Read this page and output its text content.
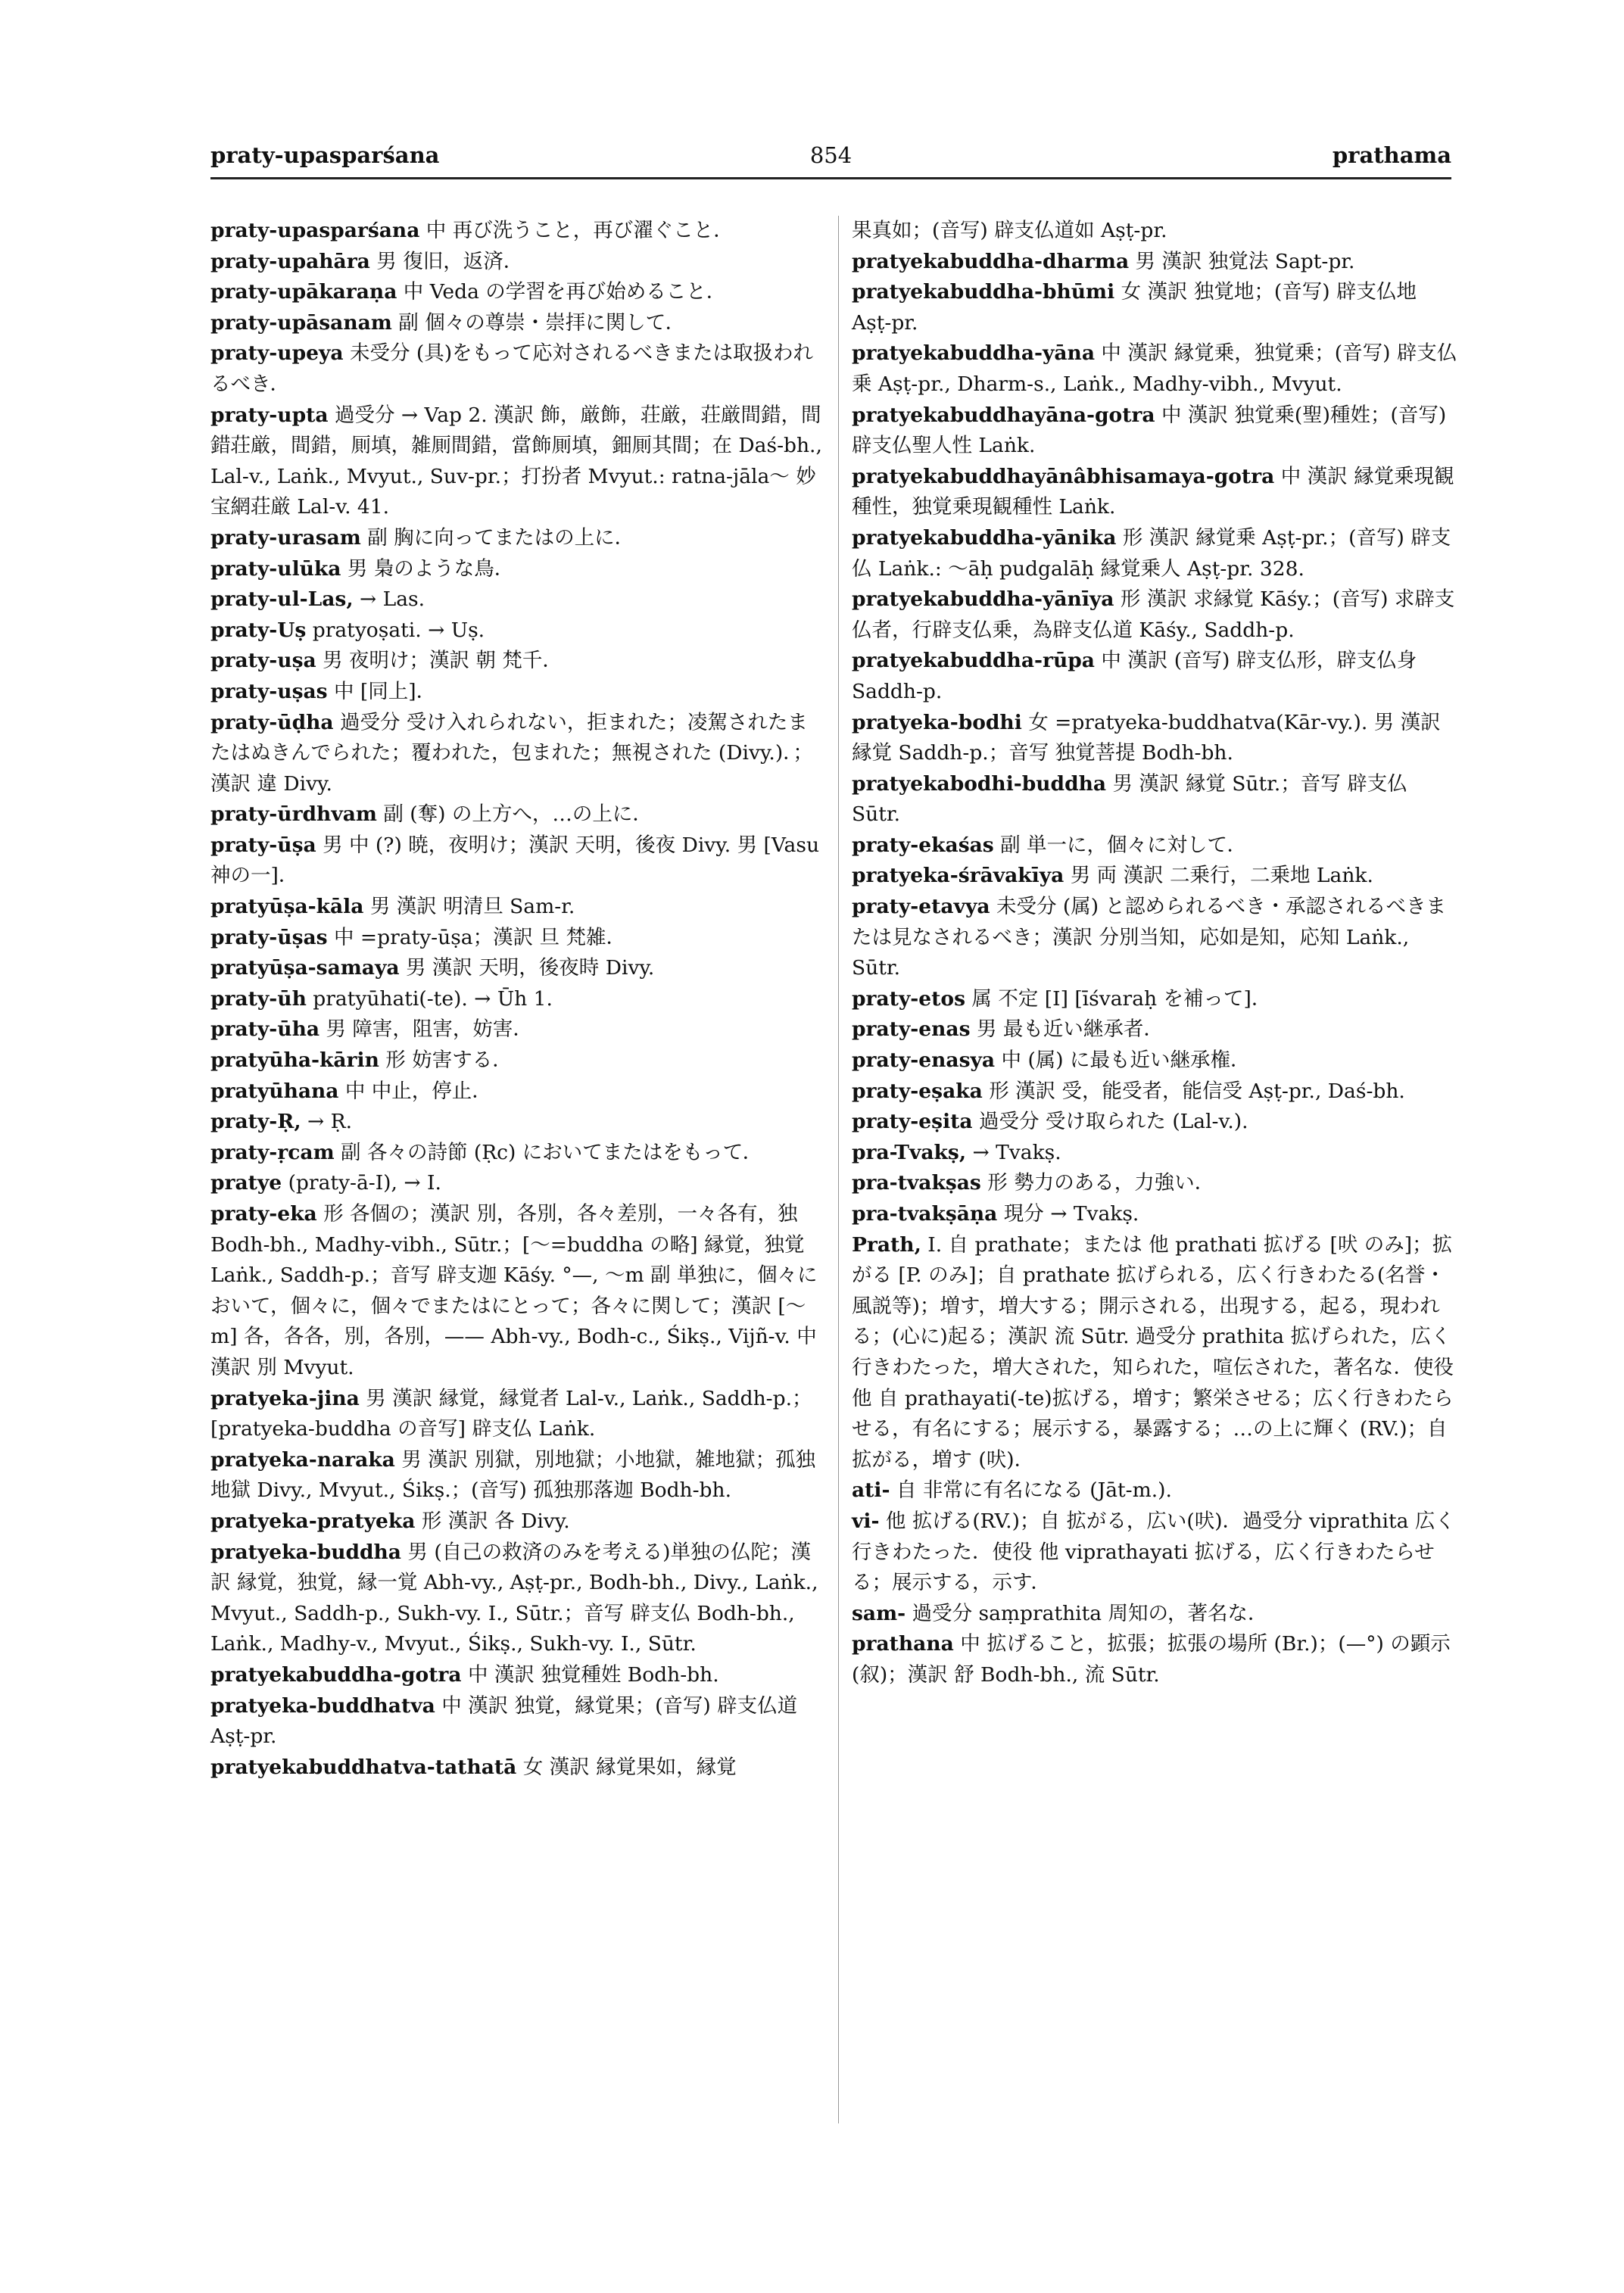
praty-upasparśana	854	prathama
praty-upasparśana 中 再び洗うこと，再び濯ぐこと．
praty-upahāra 男 復旧，返済．
praty-upākaraṇa 中 Veda の学習を再び始めること．
praty-upāsanam 副 個々の尊崇・崇拝に関して．
praty-upeya 未受分 (具)をもって応対されるべきまたは取扱われるべき．
praty-upta 過受分 → Vap 2. 漢訳 飾，厳飾，荘厳，荘厳間錯，間錯荘厳，間錯，厠填，雑厠間錯，當飾厠填，鈿厠其間；在 Daś-bh., Lal-v., Laṅk., Mvyut., Suv-pr.；打扮者 Mvyut.: ratna-jāla～ 妙宝網荘厳 Lal-v. 41.
praty-urasam 副 胸に向ってまたはの上に．
praty-ulūka 男 梟のような鳥．
praty-ul-Las, → Las.
praty-Uṣ pratyoṣati. → Uṣ.
praty-uṣa 男 夜明け；漢訳 朝 梵千．
praty-uṣas 中 [同上]．
praty-ūḍha 過受分 受け入れられない，拒まれた；凌駕されたまたはぬきんでられた；覆われた，包まれた；無視された (Divy.)．；漢訳 違 Divy.
praty-ūrdhvam 副 (奪) の上方へ，…の上に．
praty-ūṣa 男 中 (?) 暁，夜明け；漢訳 天明，後夜 Divy. 男 [Vasu 神の一]．
pratyūṣa-kāla 男 漢訳 明清旦 Sam-r.
praty-ūṣas 中 =praty-ūṣa；漢訳 旦 梵雑．
pratyūṣa-samaya 男 漢訳 天明，後夜時 Divy.
praty-ūh pratyūhati(-te). → Ūh 1.
praty-ūha 男 障害，阻害，妨害．
pratyūha-kārin 形 妨害する．
pratyūhana 中 中止，停止．
praty-Ṛ, → Ṛ.
praty-ṛcam 副 各々の詩節 (Ṛc) においてまたはをもって．
pratye (praty-ā-I), → I.
praty-eka 形 各個の；漢訳 別，各別，各々差別，一々各有，独 Bodh-bh., Madhy-vibh., Sūtr.；[～=buddha の略] 縁覚，独覚 Laṅk., Saddh-p.；音写 辟支迦 Kāśy. °—, ～m 副 単独に，個々において，個々に，個々でまたはにとって；各々に関して；漢訳 [～m] 各，各各，別，各別，—— Abh-vy., Bodh-c., Śikṣ., Vijñ-v. 中 漢訳 別 Mvyut.
pratyeka-jina 男 漢訳 縁覚，縁覚者 Lal-v., Laṅk., Saddh-p.；[pratyeka-buddha の音写] 辟支仏 Laṅk.
pratyeka-naraka 男 漢訳 別獄，別地獄；小地獄，雑地獄；孤独地獄 Divy., Mvyut., Śikṣ.；(音写) 孤独那落迦 Bodh-bh.
pratyeka-pratyeka 形 漢訳 各 Divy.
pratyeka-buddha 男 (自己の救済のみを考える)単独の仏陀；漢訳 縁覚，独覚，縁一覚 Abh-vy., Aṣṭ-pr., Bodh-bh., Divy., Laṅk., Mvyut., Saddh-p., Sukh-vy. I., Sūtr.；音写 辟支仏 Bodh-bh., Laṅk., Madhy-v., Mvyut., Śikṣ., Sukh-vy. I., Sūtr.
pratyekabuddha-gotra 中 漢訳 独覚種姓 Bodh-bh.
pratyeka-buddhatva 中 漢訳 独覚，縁覚果；(音写) 辟支仏道 Aṣṭ-pr.
pratyekabuddhatva-tathatā 女 漢訳 縁覚果如，縁覚
果真如；(音写) 辟支仏道如 Aṣṭ-pr.
pratyekabuddha-dharma 男 漢訳 独覚法 Sapt-pr.
pratyekabuddha-bhūmi 女 漢訳 独覚地；(音写) 辟支仏地 Aṣṭ-pr.
pratyekabuddha-yāna 中 漢訳 縁覚乗，独覚乗；(音写) 辟支仏乗 Aṣṭ-pr., Dharm-s., Laṅk., Madhy-vibh., Mvyut.
pratyekabuddhayāna-gotra 中 漢訳 独覚乗(聖)種姓；(音写) 辟支仏聖人性 Laṅk.
pratyekabuddhayānâbhisamaya-gotra 中 漢訳 縁覚乗現観種性，独覚乗現観種性 Laṅk.
pratyekabuddha-yānika 形 漢訳 縁覚乗 Aṣṭ-pr.；(音写) 辟支仏 Laṅk.: ～āḥ pudgalāḥ 縁覚乗人 Aṣṭ-pr. 328.
pratyekabuddha-yānīya 形 漢訳 求縁覚 Kāśy.；(音写) 求辟支仏者，行辟支仏乗，為辟支仏道 Kāśy., Saddh-p.
pratyekabuddha-rūpa 中 漢訳 (音写) 辟支仏形，辟支仏身 Saddh-p.
pratyeka-bodhi 女 =pratyeka-buddhatva(Kār-vy.). 男 漢訳 縁覚 Saddh-p.；音写 独覚菩提 Bodh-bh.
pratyekabodhi-buddha 男 漢訳 縁覚 Sūtr.；音写 辟支仏 Sūtr.
praty-ekaśas 副 単一に，個々に対して．
pratyeka-śrāvakīya 男 両 漢訳 二乗行，二乗地 Laṅk.
praty-etavya 未受分 (属) と認められるべき・承認されるべきまたは見なされるべき；漢訳 分別当知，応如是知，応知 Laṅk., Sūtr.
praty-etos 属 不定 [I] [īśvaraḥ を補って]．
praty-enas 男 最も近い継承者．
praty-enasya 中 (属) に最も近い継承権．
praty-eṣaka 形 漢訳 受，能受者，能信受 Aṣṭ-pr., Daś-bh.
praty-eṣita 過受分 受け取られた (Lal-v.).
pra-Tvakṣ, → Tvakṣ.
pra-tvakṣas 形 勢力のある，力強い．
pra-tvakṣāṇa 現分 → Tvakṣ.
Prath, I. 自 prathate；または 他 prathati 拡げる [吠 のみ]；拡がる [P. のみ]；自 prathate 拡げられる，広く行きわたる(名誉・風説等)；増す，増大する；開示される，出現する，起る，現われる；(心に)起る；漢訳 流 Sūtr. 過受分 prathita 拡げられた，広く行きわたった，増大された，知られた，喧伝された，著名な．使役 他 自 prathayati(-te)拡げる，増す；繁栄させる；広く行きわたらせる，有名にする；展示する，暴露する；…の上に輝く (RV.)；自 拡がる，増す (吠)．
ati- 自 非常に有名になる (Jāt-m.).
vi- 他 拡げる(RV.)；自 拡がる，広い(吠)．過受分 viprathita 広く行きわたった．使役 他 viprathayati 拡げる，広く行きわたらせる；展示する，示す．
sam- 過受分 saṃprathita 周知の，著名な．
prathana 中 拡げること，拡張；拡張の場所 (Br.)；(—°) の顕示 (叙)；漢訳 舒 Bodh-bh., 流 Sūtr.
